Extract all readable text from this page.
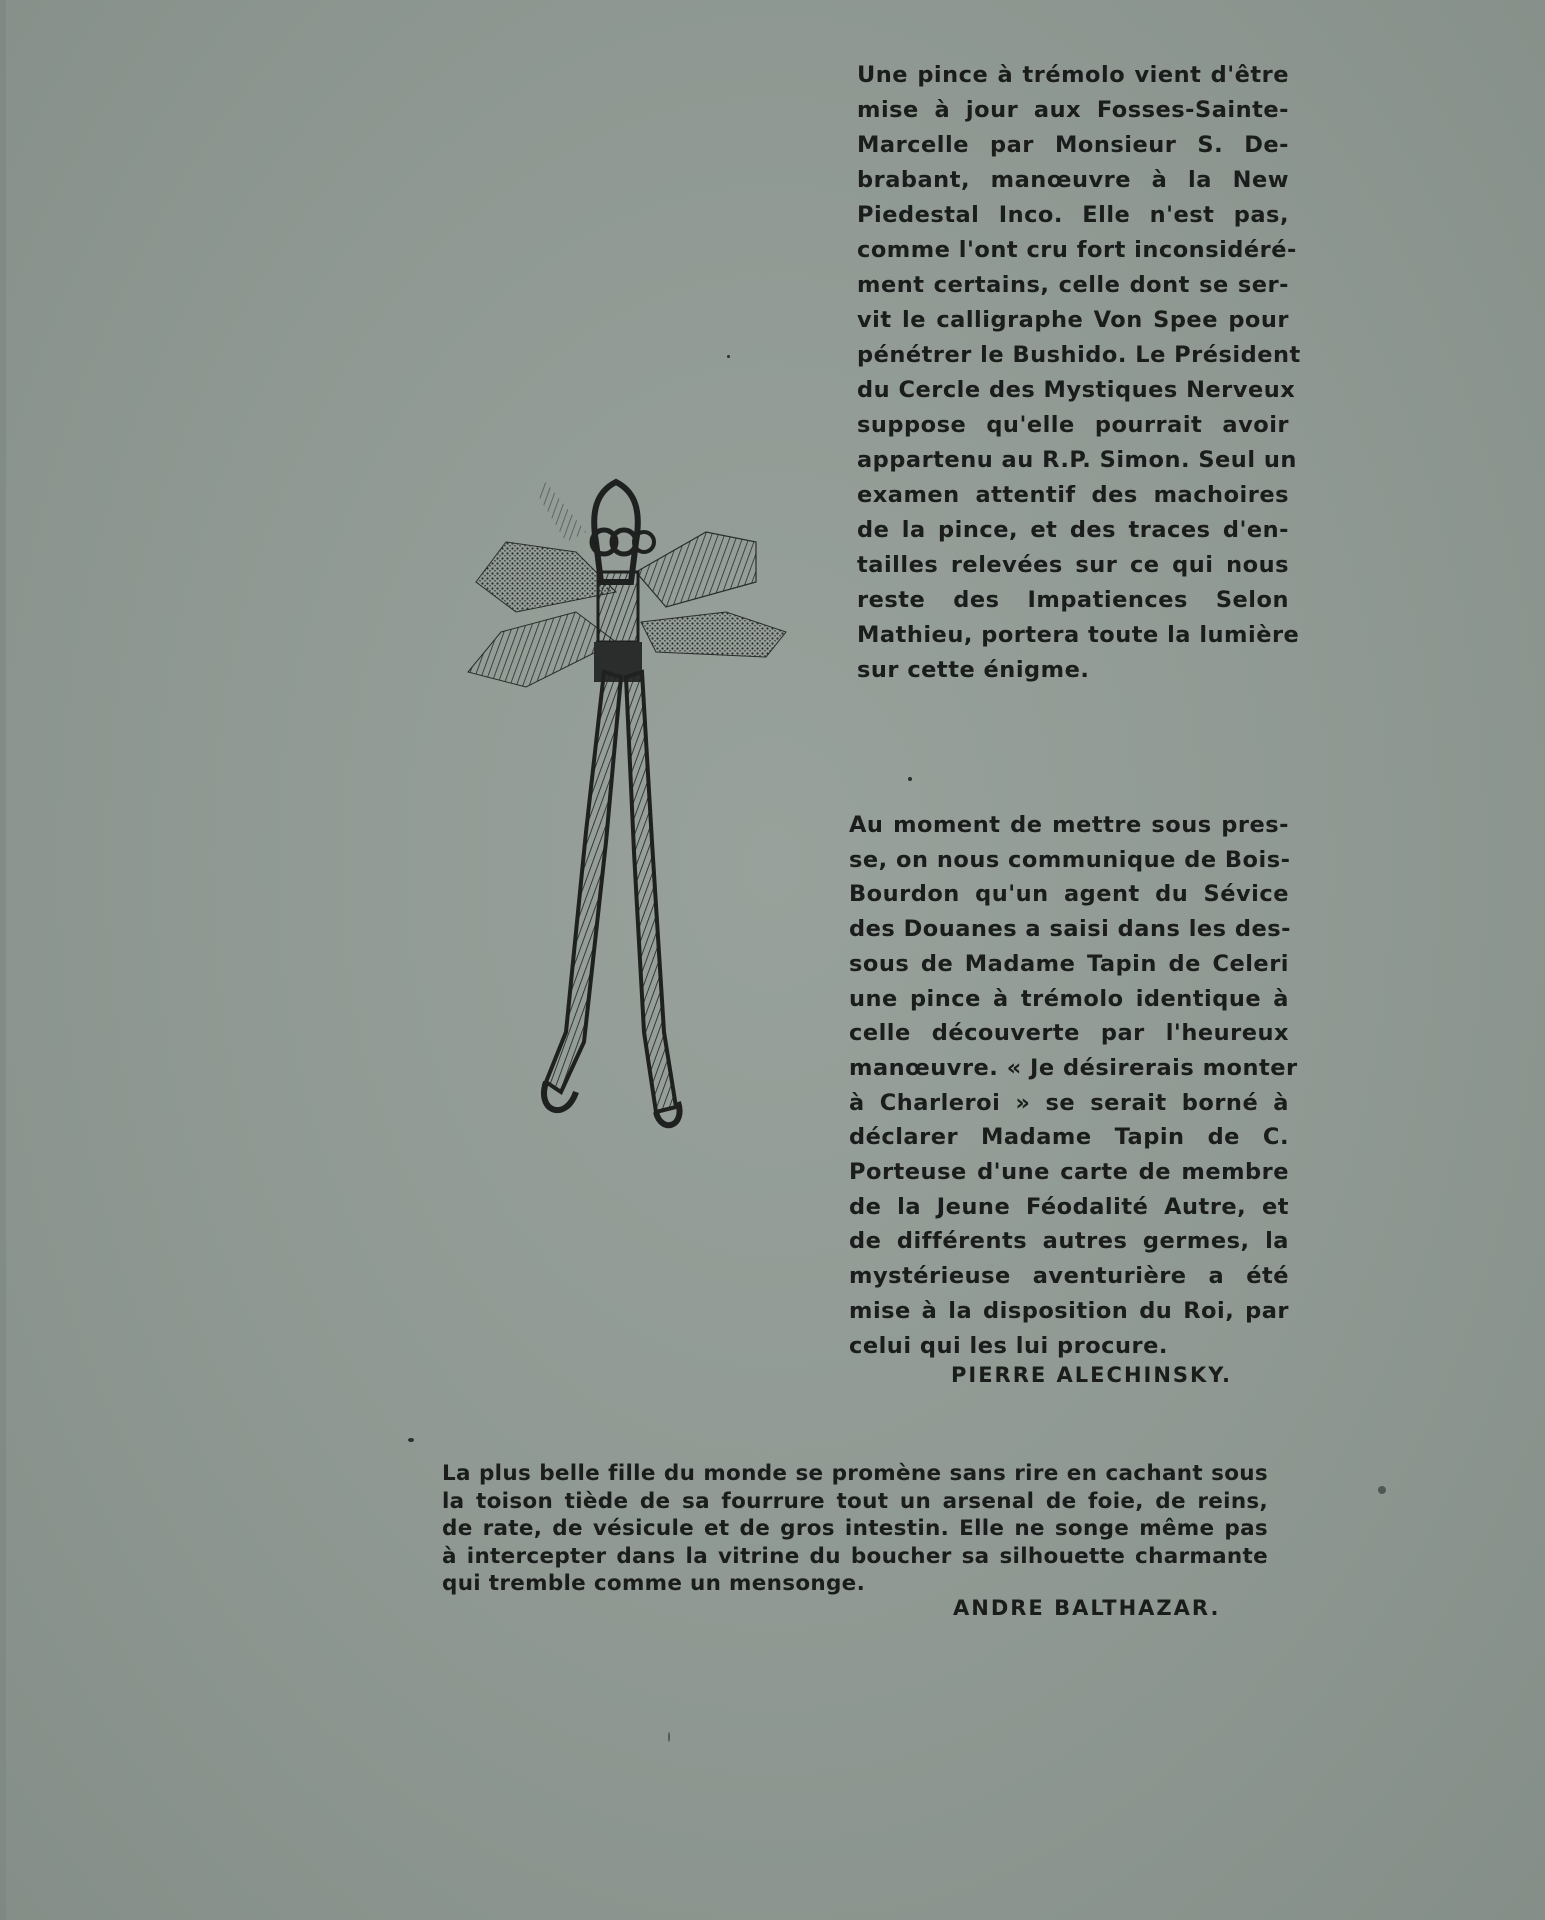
Une pince à trémolo vient d'être
mise à jour aux Fosses-Sainte-
Marcelle par Monsieur S. De-
brabant, manœuvre à la New
Piedestal Inco. Elle n'est pas,
comme l'ont cru fort inconsidéré-
ment certains, celle dont se ser-
vit le calligraphe Von Spee pour
pénétrer le Bushido. Le Président
du Cercle des Mystiques Nerveux
suppose qu'elle pourrait avoir
appartenu au R.P. Simon. Seul un
examen attentif des machoires
de la pince, et des traces d'en-
tailles relevées sur ce qui nous
reste des Impatiences Selon
Mathieu, portera toute la lumière
sur cette énigme.
Au moment de mettre sous pres-
se, on nous communique de Bois-
Bourdon qu'un agent du Sévice
des Douanes a saisi dans les des-
sous de Madame Tapin de Celeri
une pince à trémolo identique à
celle découverte par l'heureux
manœuvre. « Je désirerais monter
à Charleroi » se serait borné à
déclarer Madame Tapin de C.
Porteuse d'une carte de membre
de la Jeune Féodalité Autre, et
de différents autres germes, la
mystérieuse aventurière a été
mise à la disposition du Roi, par
celui qui les lui procure.
PIERRE ALECHINSKY.
La plus belle fille du monde se promène sans rire en cachant sous
la toison tiède de sa fourrure tout un arsenal de foie, de reins,
de rate, de vésicule et de gros intestin. Elle ne songe même pas
à intercepter dans la vitrine du boucher sa silhouette charmante
qui tremble comme un mensonge.
ANDRE BALTHAZAR.
